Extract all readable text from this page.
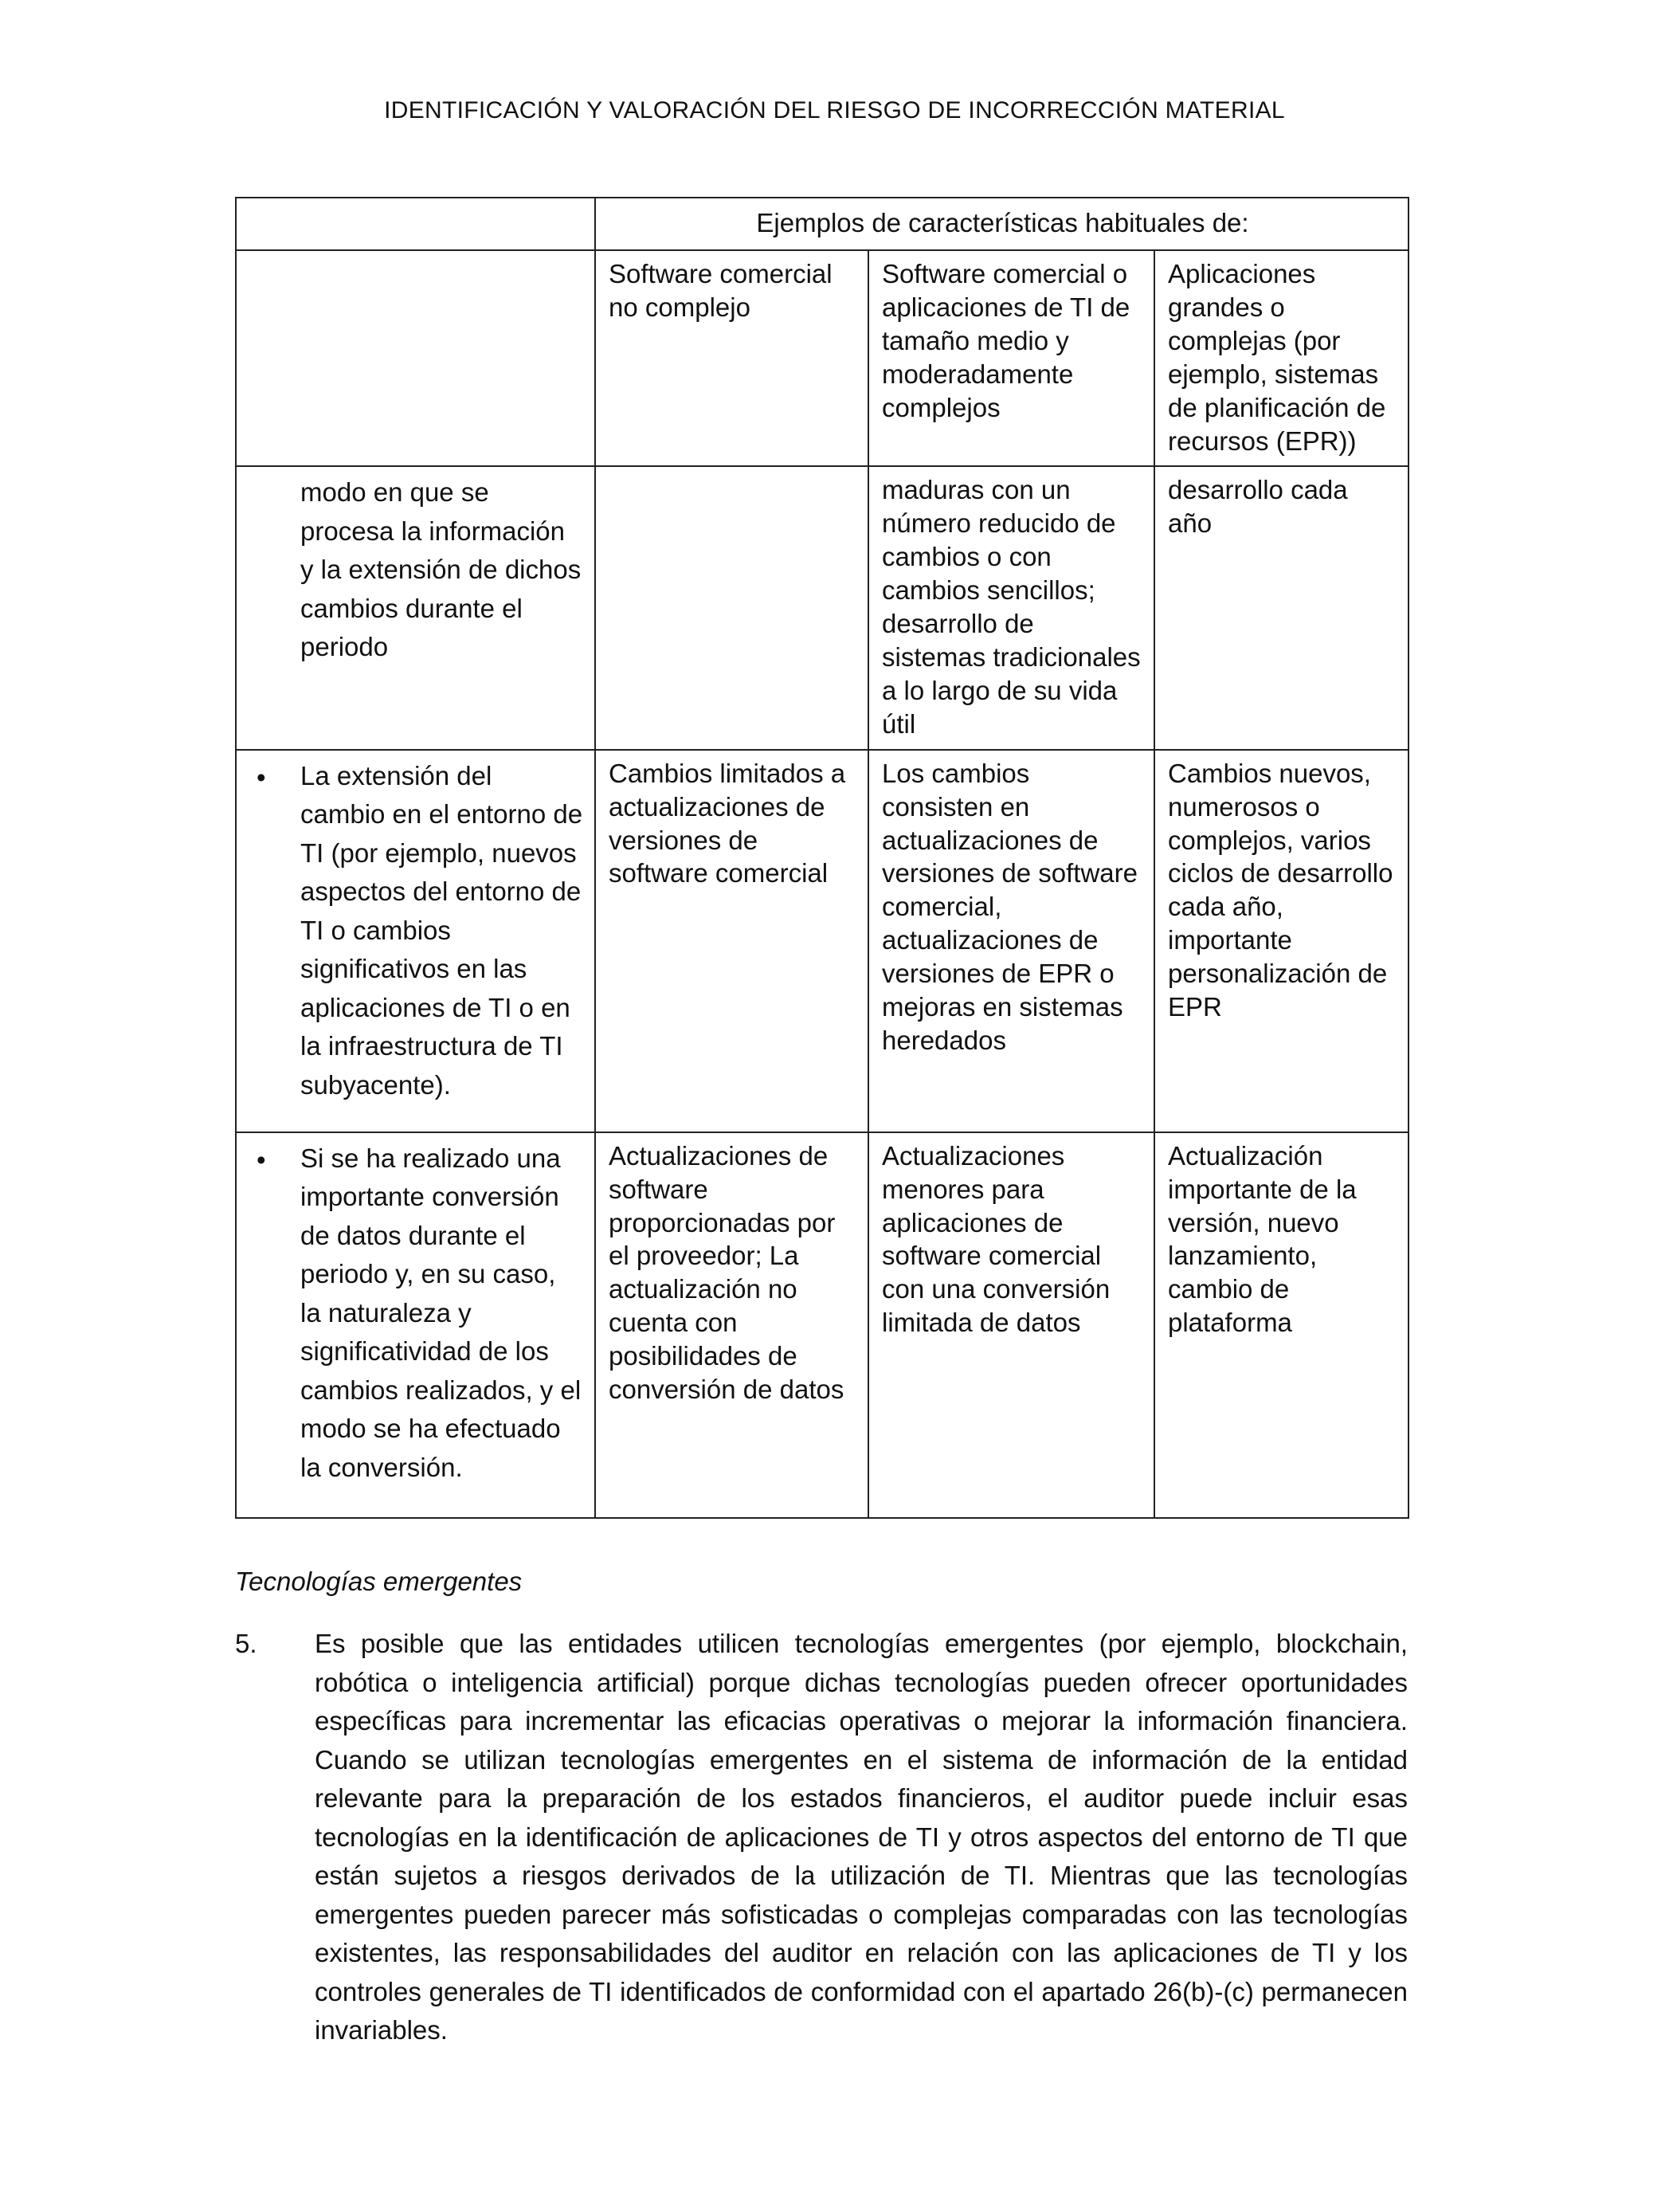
IDENTIFICACIÓN Y VALORACIÓN DEL RIESGO DE INCORRECCIÓN MATERIAL
	Ejemplos de características habituales de:		
	Software comercial no complejo	Software comercial o aplicaciones de TI de tamaño medio y moderadamente complejos	Aplicaciones grandes o complejas (por ejemplo, sistemas de planificación de recursos (EPR))
modo en que se procesa la información y la extensión de dichos cambios durante el periodo		maduras con un número reducido de cambios o con cambios sencillos; desarrollo de sistemas tradicionales a lo largo de su vida útil	desarrollo cada año

• La extensión del cambio en el entorno de TI (por ejemplo, nuevos aspectos del entorno de TI o cambios significativos en las aplicaciones de TI o en la infraestructura de TI subyacente).	Cambios limitados a actualizaciones de versiones de software comercial	Los cambios consisten en actualizaciones de versiones de software comercial, actualizaciones de versiones de EPR o mejoras en sistemas heredados	Cambios nuevos, numerosos o complejos, varios ciclos de desarrollo cada año, importante personalización de EPR

• Si se ha realizado una importante conversión de datos durante el periodo y, en su caso, la naturaleza y significatividad de los cambios realizados, y el modo se ha efectuado la conversión.	Actualizaciones de software proporcionadas por el proveedor; La actualización no cuenta con posibilidades de conversión de datos	Actualizaciones menores para aplicaciones de software comercial con una conversión limitada de datos	Actualización importante de la versión, nuevo lanzamiento, cambio de plataforma
Tecnologías emergentes
5. Es posible que las entidades utilicen tecnologías emergentes (por ejemplo, blockchain, robótica o inteligencia artificial) porque dichas tecnologías pueden ofrecer oportunidades específicas para incrementar las eficacias operativas o mejorar la información financiera. Cuando se utilizan tecnologías emergentes en el sistema de información de la entidad relevante para la preparación de los estados financieros, el auditor puede incluir esas tecnologías en la identificación de aplicaciones de TI y otros aspectos del entorno de TI que están sujetos a riesgos derivados de la utilización de TI. Mientras que las tecnologías emergentes pueden parecer más sofisticadas o complejas comparadas con las tecnologías existentes, las responsabilidades del auditor en relación con las aplicaciones de TI y los controles generales de TI identificados de conformidad con el apartado 26(b)-(c) permanecen invariables.
